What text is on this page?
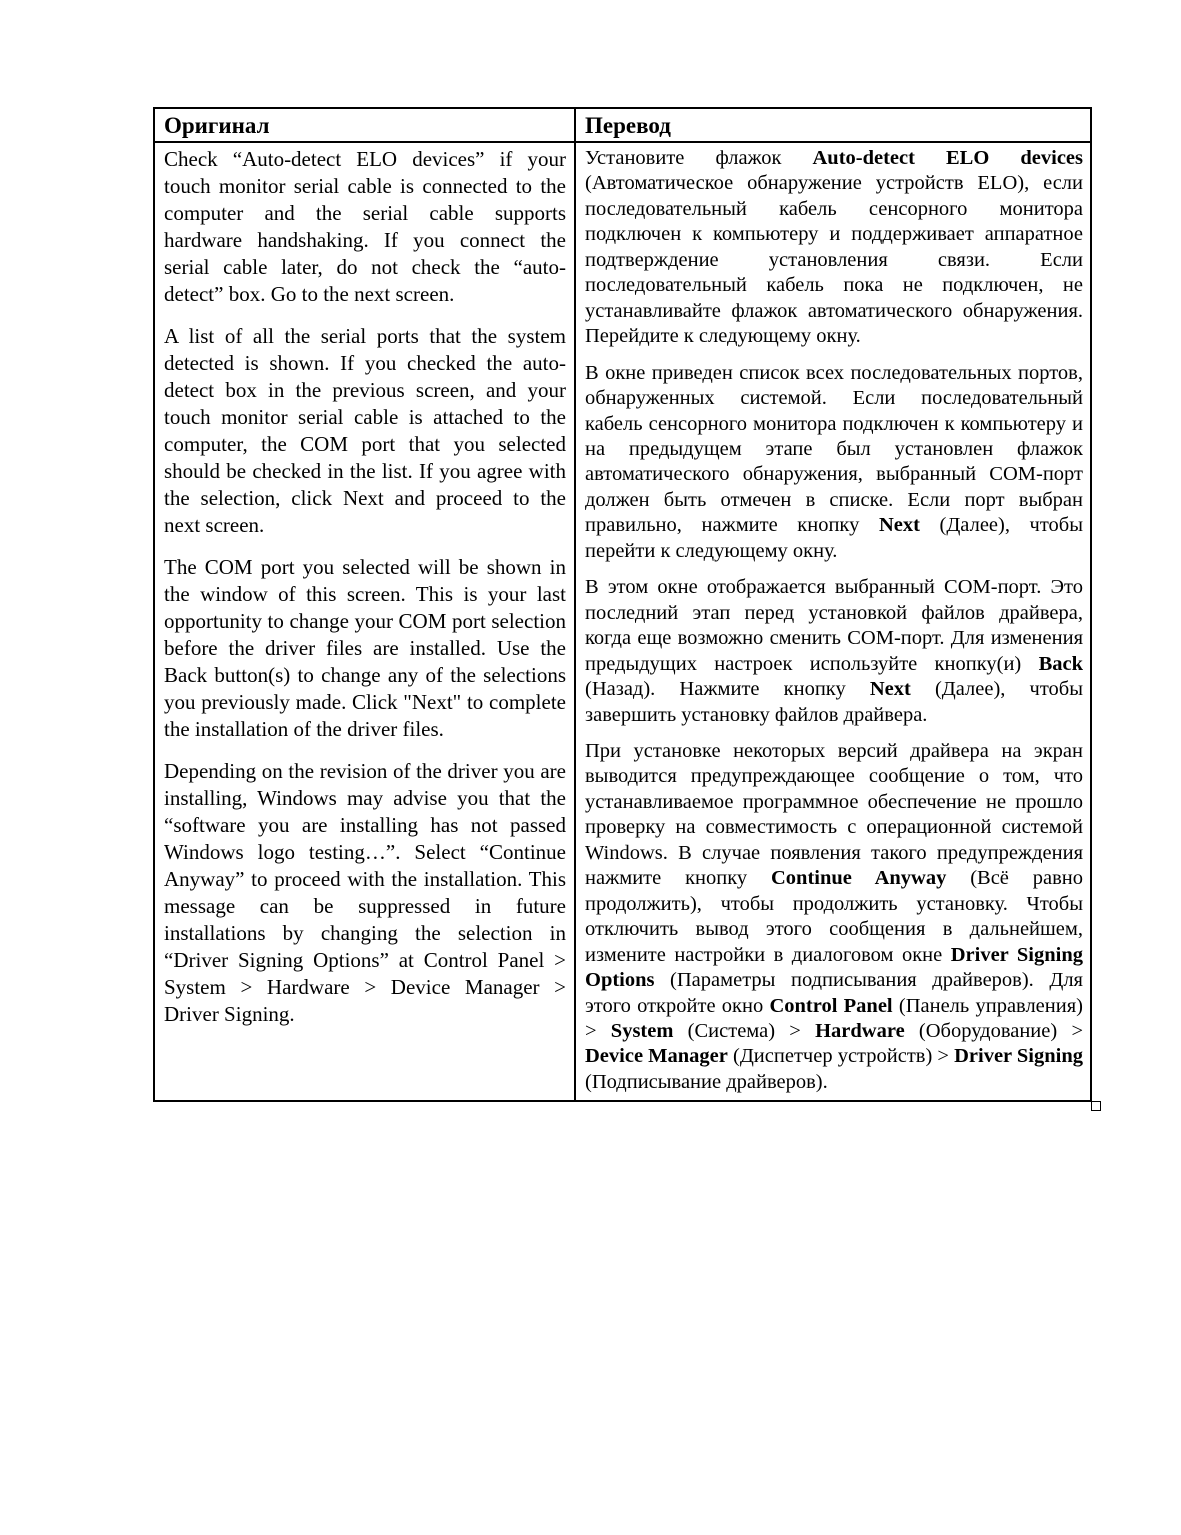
Оригинал	Перевод

Check “Auto-detect ELO devices” if your touch monitor serial cable is connected to the computer and the serial cable supports hardware handshaking. If you connect the serial cable later, do not check the “auto-detect” box. Go to the next screen.

A list of all the serial ports that the system detected is shown. If you checked the auto-detect box in the previous screen, and your touch monitor serial cable is attached to the computer, the COM port that you selected should be checked in the list. If you agree with the selection, click Next and proceed to the next screen.

The COM port you selected will be shown in the window of this screen. This is your last opportunity to change your COM port selection before the driver files are installed. Use the Back button(s) to change any of the selections you previously made. Click "Next" to complete the installation of the driver files.

Depending on the revision of the driver you are installing, Windows may advise you that the “software you are installing has not passed Windows logo testing…”. Select “Continue Anyway” to proceed with the installation. This message can be suppressed in future installations by changing the selection in “Driver Signing Options” at Control Panel > System > Hardware > Device Manager > Driver Signing.

Установите флажок Auto-detect ELO devices (Автоматическое обнаружение устройств ELO), если последовательный кабель сенсорного монитора подключен к компьютеру и поддерживает аппаратное подтверждение установления связи. Если последовательный кабель пока не подключен, не устанавливайте флажок автоматического обнаружения. Перейдите к следующему окну.

В окне приведен список всех последовательных портов, обнаруженных системой. Если последовательный кабель сенсорного монитора подключен к компьютеру и на предыдущем этапе был установлен флажок автоматического обнаружения, выбранный COM-порт должен быть отмечен в списке. Если порт выбран правильно, нажмите кнопку Next (Далее), чтобы перейти к следующему окну.

В этом окне отображается выбранный COM-порт. Это последний этап перед установкой файлов драйвера, когда еще возможно сменить COM-порт. Для изменения предыдущих настроек используйте кнопку(и) Back (Назад). Нажмите кнопку Next (Далее), чтобы завершить установку файлов драйвера.

При установке некоторых версий драйвера на экран выводится предупреждающее сообщение о том, что устанавливаемое программное обеспечение не прошло проверку на совместимость с операционной системой Windows. В случае появления такого предупреждения нажмите кнопку Continue Anyway (Всё равно продолжить), чтобы продолжить установку. Чтобы отключить вывод этого сообщения в дальнейшем, измените настройки в диалоговом окне Driver Signing Options (Параметры подписывания драйверов). Для этого откройте окно Control Panel (Панель управления) > System (Система) > Hardware (Оборудование) > Device Manager (Диспетчер устройств) > Driver Signing (Подписывание драйверов).
